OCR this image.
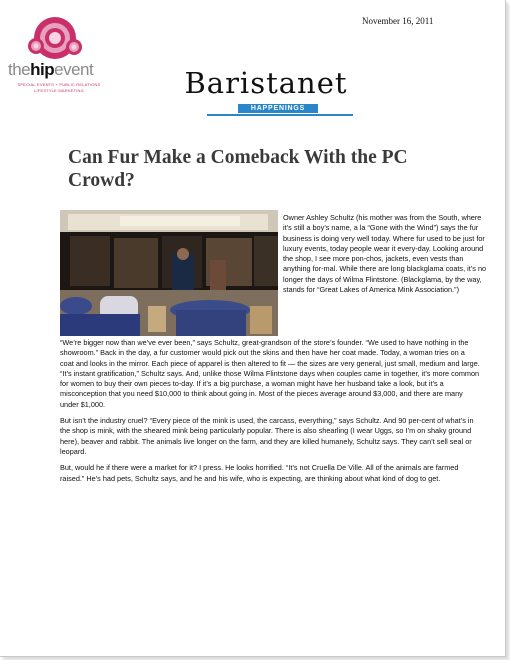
November 16, 2011
thehipevent
SPECIAL EVENTS + PUBLIC RELATIONS
LIFESTYLE MARKETING	Baristanet
HAPPENINGS
Can Fur Make a Comeback With the PC Crowd?
Owner Ashley Schultz (his mother was from the South, where it’s still a boy’s name, a la “Gone with the Wind”) says the fur business is doing very well today. Where fur used to be just for luxury events, today people wear it every-day. Looking around the shop, I see more pon-chos, jackets, even vests than anything for-mal. While there are long blackglama coats, it’s no longer the days of Wilma Flintstone. (Blackglama, by the way, stands for “Great Lakes of America Mink Association.”)

“We’re bigger now than we’ve ever been,” says Schultz, great-grandson of the store’s founder. “We used to have nothing in the showroom.” Back in the day, a fur customer would pick out the skins and then have her coat made. Today, a woman tries on a coat and looks in the mirror. Each piece of apparel is then altered to fit — the sizes are very general, just small, medium and large. “It’s instant gratification,” Schultz says. And, unlike those Wilma Flintstone days when couples came in together, it’s more common for women to buy their own pieces to-day. If it’s a big purchase, a woman might have her husband take a look, but it’s a misconception that you need $10,000 to think about going in. Most of the pieces average around $3,000, and there are many under $1,000.

But isn’t the industry cruel? “Every piece of the mink is used, the carcass, everything,” says Schultz. And 90 per-cent of what’s in the shop is mink, with the sheared mink being particularly popular. There is also shearling (I wear Uggs, so I’m on shaky ground here), beaver and rabbit. The animals live longer on the farm, and they are killed humanely, Schultz says. They can’t sell seal or leopard.

But, would he if there were a market for it? I press. He looks horrified. “It’s not Cruella De Ville. All of the animals are farmed raised.” He’s had pets, Schultz says, and he and his wife, who is expecting, are thinking about what kind of dog to get.
